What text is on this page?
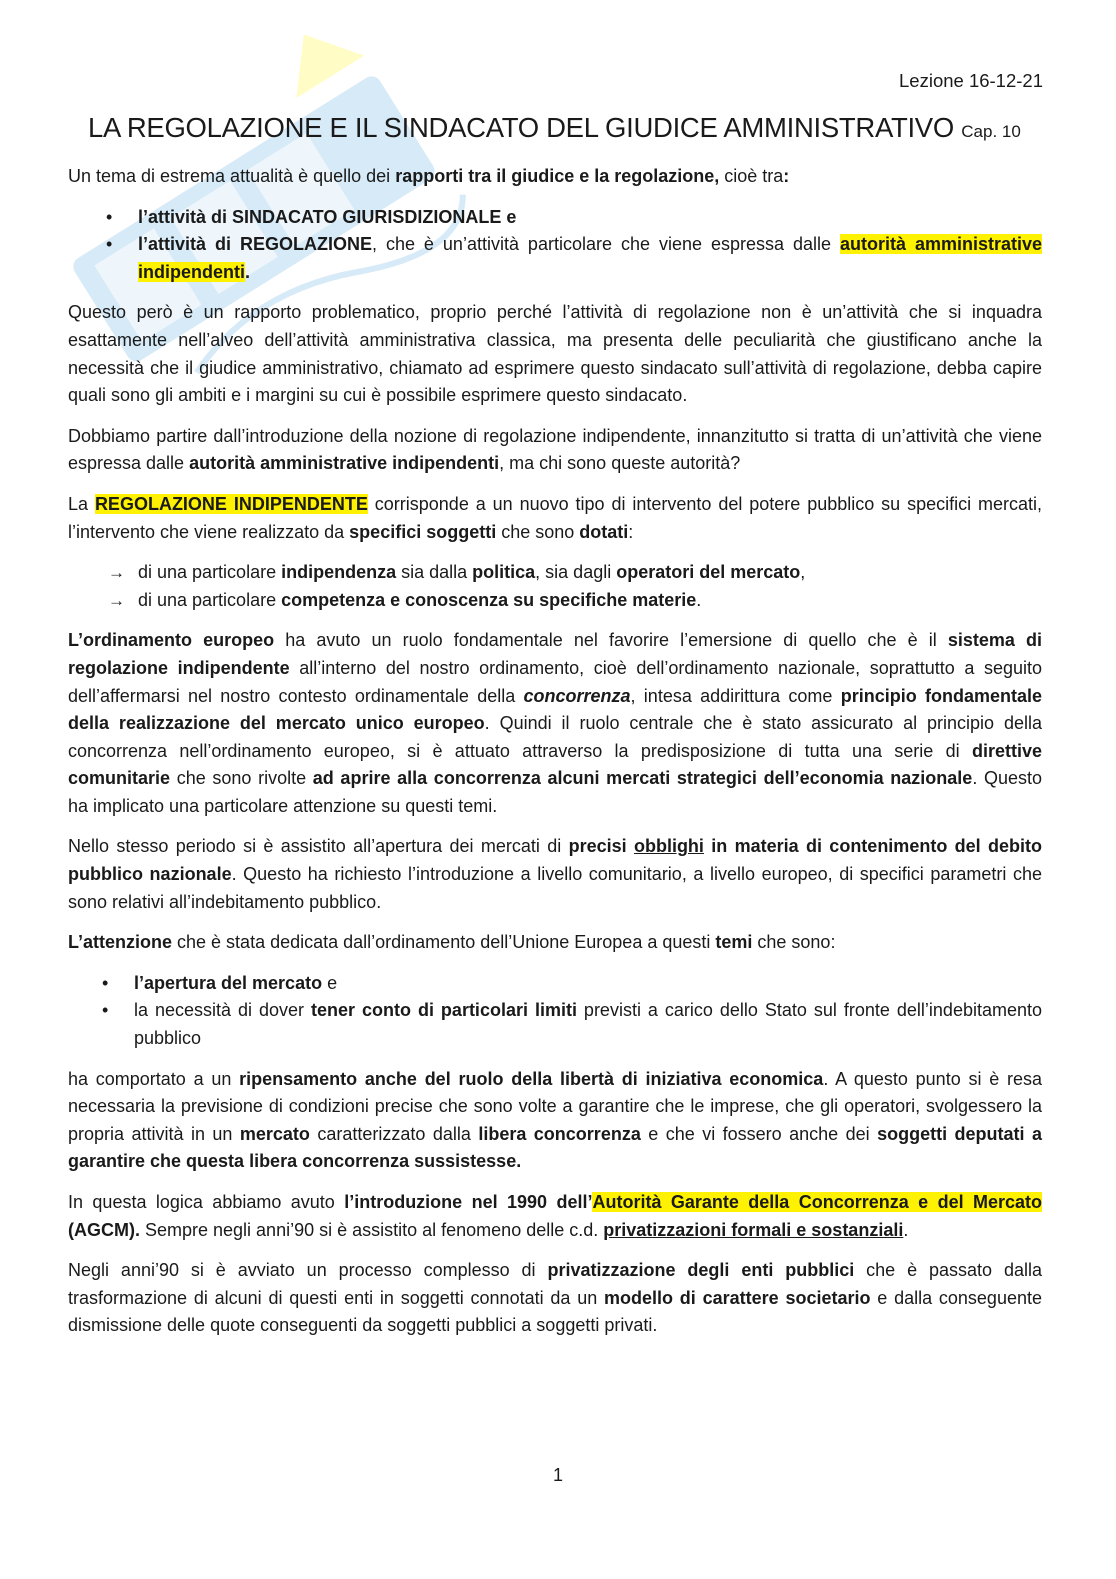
Lezione 16-12-21
LA REGOLAZIONE E IL SINDACATO DEL GIUDICE AMMINISTRATIVO Cap. 10

Un tema di estrema attualità è quello dei rapporti tra il giudice e la regolazione, cioè tra:

• l’attività di SINDACATO GIURISDIZIONALE e
• l’attività di REGOLAZIONE, che è un’attività particolare che viene espressa dalle autorità amministrative indipendenti.

Questo però è un rapporto problematico, proprio perché l’attività di regolazione non è un’attività che si inquadra esattamente nell’alveo dell’attività amministrativa classica, ma presenta delle peculiarità che giustificano anche la necessità che il giudice amministrativo, chiamato ad esprimere questo sindacato sull’attività di regolazione, debba capire quali sono gli ambiti e i margini su cui è possibile esprimere questo sindacato.

Dobbiamo partire dall’introduzione della nozione di regolazione indipendente, innanzitutto si tratta di un’attività che viene espressa dalle autorità amministrative indipendenti, ma chi sono queste autorità?

La REGOLAZIONE INDIPENDENTE corrisponde a un nuovo tipo di intervento del potere pubblico su specifici mercati, l’intervento che viene realizzato da specifici soggetti che sono dotati:

→ di una particolare indipendenza sia dalla politica, sia dagli operatori del mercato,
→ di una particolare competenza e conoscenza su specifiche materie.

L’ordinamento europeo ha avuto un ruolo fondamentale nel favorire l’emersione di quello che è il sistema di regolazione indipendente all’interno del nostro ordinamento, cioè dell’ordinamento nazionale, soprattutto a seguito dell’affermarsi nel nostro contesto ordinamentale della concorrenza, intesa addirittura come principio fondamentale della realizzazione del mercato unico europeo. Quindi il ruolo centrale che è stato assicurato al principio della concorrenza nell’ordinamento europeo, si è attuato attraverso la predisposizione di tutta una serie di direttive comunitarie che sono rivolte ad aprire alla concorrenza alcuni mercati strategici dell’economia nazionale. Questo ha implicato una particolare attenzione su questi temi.

Nello stesso periodo si è assistito all’apertura dei mercati di precisi obblighi in materia di contenimento del debito pubblico nazionale. Questo ha richiesto l’introduzione a livello comunitario, a livello europeo, di specifici parametri che sono relativi all’indebitamento pubblico.

L’attenzione che è stata dedicata dall’ordinamento dell’Unione Europea a questi temi che sono:

• l’apertura del mercato e
• la necessità di dover tener conto di particolari limiti previsti a carico dello Stato sul fronte dell’indebitamento pubblico

ha comportato a un ripensamento anche del ruolo della libertà di iniziativa economica. A questo punto si è resa necessaria la previsione di condizioni precise che sono volte a garantire che le imprese, che gli operatori, svolgessero la propria attività in un mercato caratterizzato dalla libera concorrenza e che vi fossero anche dei soggetti deputati a garantire che questa libera concorrenza sussistesse.

In questa logica abbiamo avuto l’introduzione nel 1990 dell’Autorità Garante della Concorrenza e del Mercato (AGCM). Sempre negli anni’90 si è assistito al fenomeno delle c.d. privatizzazioni formali e sostanziali.

Negli anni’90 si è avviato un processo complesso di privatizzazione degli enti pubblici che è passato dalla trasformazione di alcuni di questi enti in soggetti connotati da un modello di carattere societario e dalla conseguente dismissione delle quote conseguenti da soggetti pubblici a soggetti privati.

1
